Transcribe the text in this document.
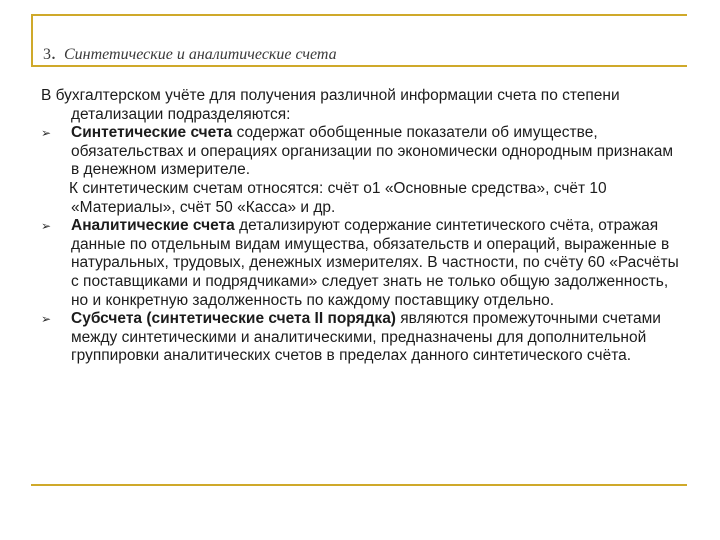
3. Синтетические и аналитические счета

В бухгалтерском учёте для получения различной информации счета по степени детализации подразделяются:

➢ Синтетические счета содержат обобщенные показатели об имуществе, обязательствах и операциях организации по экономически однородным признакам в денежном измерителе.

К синтетическим счетам относятся: счёт о1 «Основные средства», счёт 10 «Материалы», счёт 50 «Касса» и др.

➢ Аналитические счета детализируют содержание синтетического счёта, отражая данные по отдельным видам имущества, обязательств и операций, выраженные в натуральных, трудовых, денежных измерителях. В частности, по счёту 60 «Расчёты с поставщиками и подрядчиками» следует знать не только общую задолженность, но и конкретную задолженность по каждому поставщику отдельно.

➢ Субсчета (синтетические счета II порядка) являются промежуточными счетами между синтетическими и аналитическими, предназначены для дополнительной группировки аналитических счетов в пределах данного синтетического счёта.
